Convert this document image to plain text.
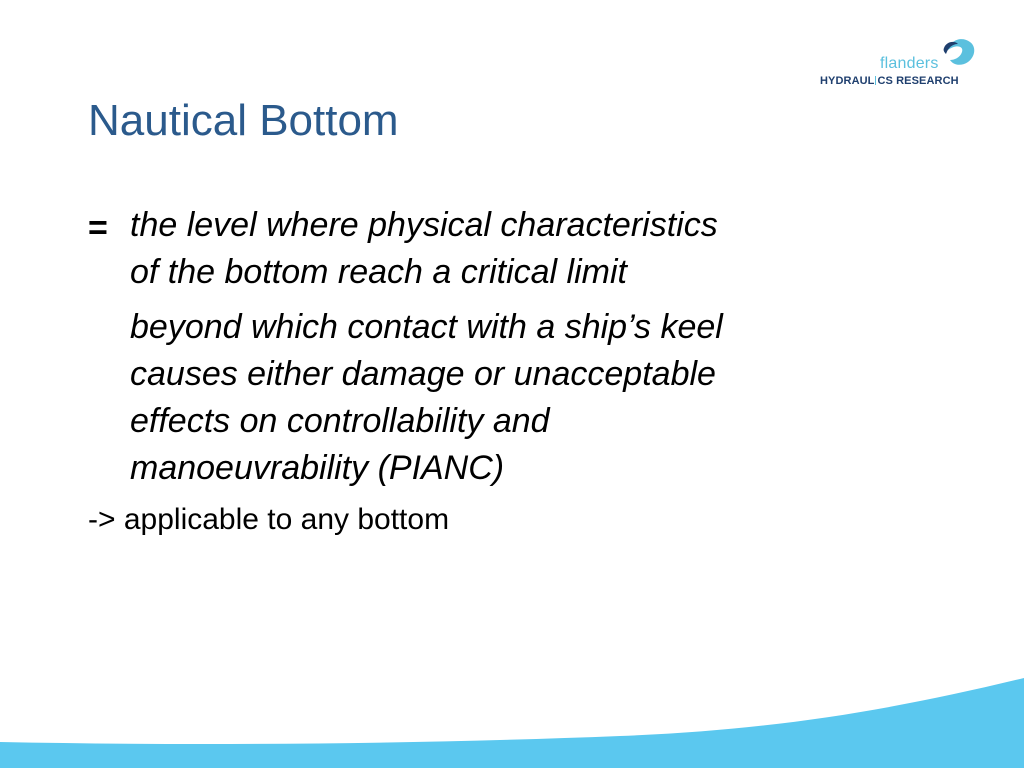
flanders
HYDRAUL CS RESEARCH
Nautical Bottom
= the level where physical characteristics
of the bottom reach a critical limit
beyond which contact with a ship’s keel
causes either damage or unacceptable
effects on controllability and
manoeuvrability (PIANC)
-> applicable to any bottom
